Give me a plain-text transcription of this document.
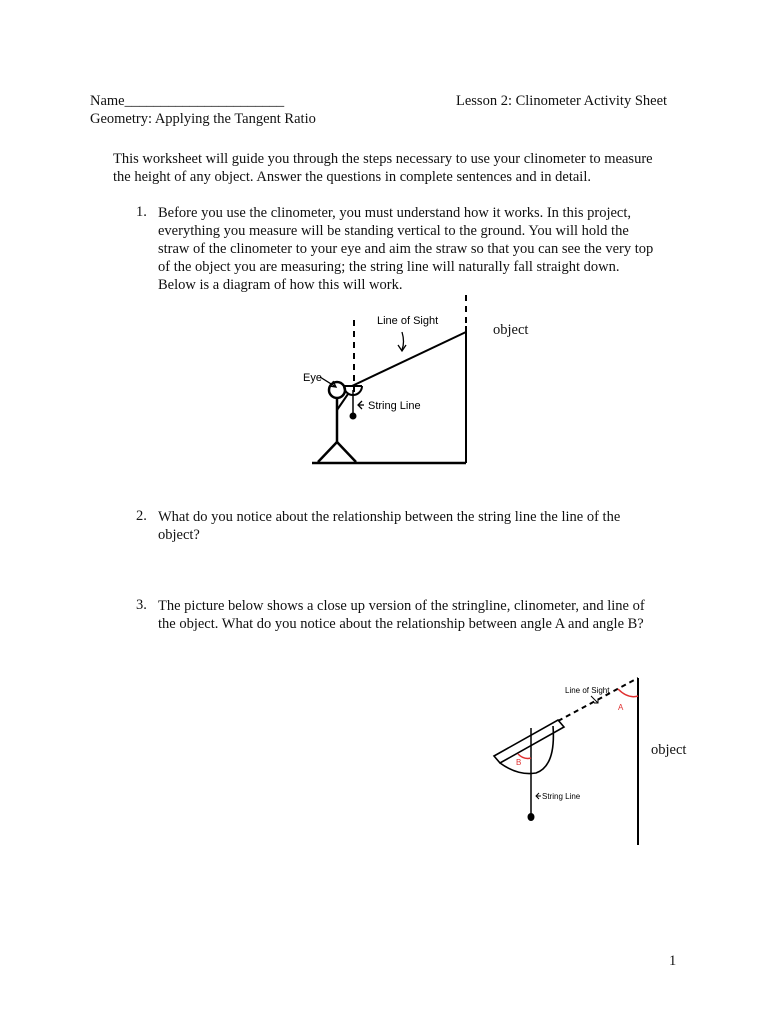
Name______________________	Lesson 2: Clinometer Activity Sheet
Geometry: Applying the Tangent Ratio
This worksheet will guide you through the steps necessary to use your clinometer to measure
the height of any object. Answer the questions in complete sentences and in detail.
1. Before you use the clinometer, you must understand how it works. In this project,
everything you measure will be standing vertical to the ground. You will hold the
straw of the clinometer to your eye and aim the straw so that you can see the very top
of the object you are measuring; the string line will naturally fall straight down.
Below is a diagram of how this will work.
Line of Sight
Eye
String Line
object
2. What do you notice about the relationship between the string line the line of the
object?
3. The picture below shows a close up version of the stringline, clinometer, and line of
the object. What do you notice about the relationship between angle A and angle B?
A
B
Line of Sight
String Line
object
1
